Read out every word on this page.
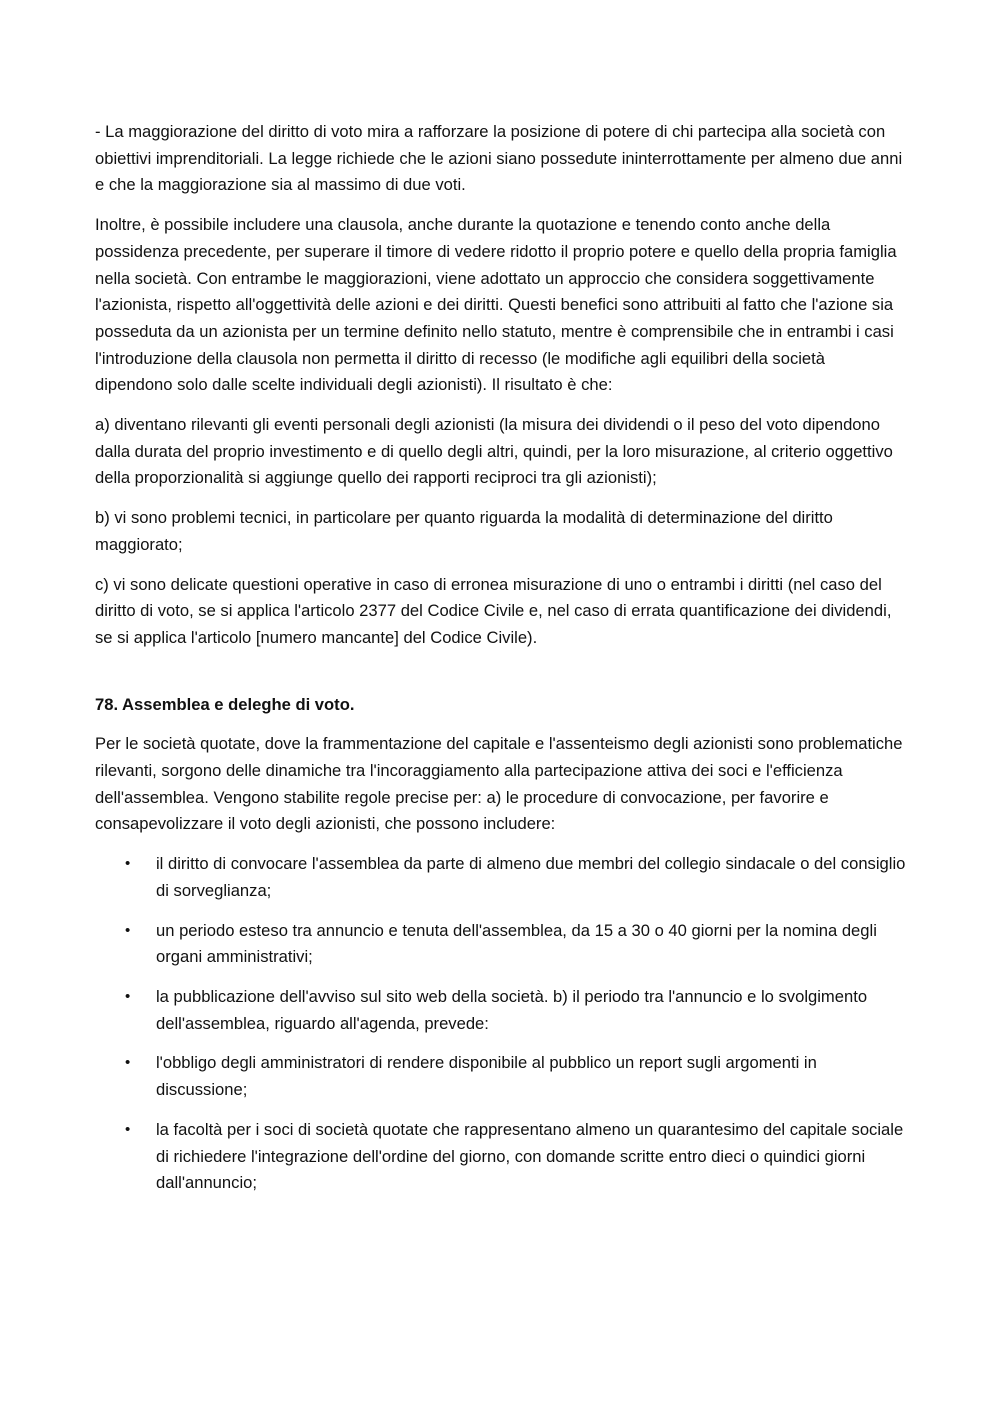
- La maggiorazione del diritto di voto mira a rafforzare la posizione di potere di chi partecipa alla società con obiettivi imprenditoriali. La legge richiede che le azioni siano possedute ininterrottamente per almeno due anni e che la maggiorazione sia al massimo di due voti.

Inoltre, è possibile includere una clausola, anche durante la quotazione e tenendo conto anche della possidenza precedente, per superare il timore di vedere ridotto il proprio potere e quello della propria famiglia nella società. Con entrambe le maggiorazioni, viene adottato un approccio che considera soggettivamente l'azionista, rispetto all'oggettività delle azioni e dei diritti. Questi benefici sono attribuiti al fatto che l'azione sia posseduta da un azionista per un termine definito nello statuto, mentre è comprensibile che in entrambi i casi l'introduzione della clausola non permetta il diritto di recesso (le modifiche agli equilibri della società dipendono solo dalle scelte individuali degli azionisti). Il risultato è che:

a) diventano rilevanti gli eventi personali degli azionisti (la misura dei dividendi o il peso del voto dipendono dalla durata del proprio investimento e di quello degli altri, quindi, per la loro misurazione, al criterio oggettivo della proporzionalità si aggiunge quello dei rapporti reciproci tra gli azionisti);

b) vi sono problemi tecnici, in particolare per quanto riguarda la modalità di determinazione del diritto maggiorato;

c) vi sono delicate questioni operative in caso di erronea misurazione di uno o entrambi i diritti (nel caso del diritto di voto, se si applica l'articolo 2377 del Codice Civile e, nel caso di errata quantificazione dei dividendi, se si applica l'articolo [numero mancante] del Codice Civile).

78. Assemblea e deleghe di voto.

Per le società quotate, dove la frammentazione del capitale e l'assenteismo degli azionisti sono problematiche rilevanti, sorgono delle dinamiche tra l'incoraggiamento alla partecipazione attiva dei soci e l'efficienza dell'assemblea. Vengono stabilite regole precise per: a) le procedure di convocazione, per favorire e consapevolizzare il voto degli azionisti, che possono includere:

• il diritto di convocare l'assemblea da parte di almeno due membri del collegio sindacale o del consiglio di sorveglianza;
• un periodo esteso tra annuncio e tenuta dell'assemblea, da 15 a 30 o 40 giorni per la nomina degli organi amministrativi;
• la pubblicazione dell'avviso sul sito web della società. b) il periodo tra l'annuncio e lo svolgimento dell'assemblea, riguardo all'agenda, prevede:
• l'obbligo degli amministratori di rendere disponibile al pubblico un report sugli argomenti in discussione;
• la facoltà per i soci di società quotate che rappresentano almeno un quarantesimo del capitale sociale di richiedere l'integrazione dell'ordine del giorno, con domande scritte entro dieci o quindici giorni dall'annuncio;
